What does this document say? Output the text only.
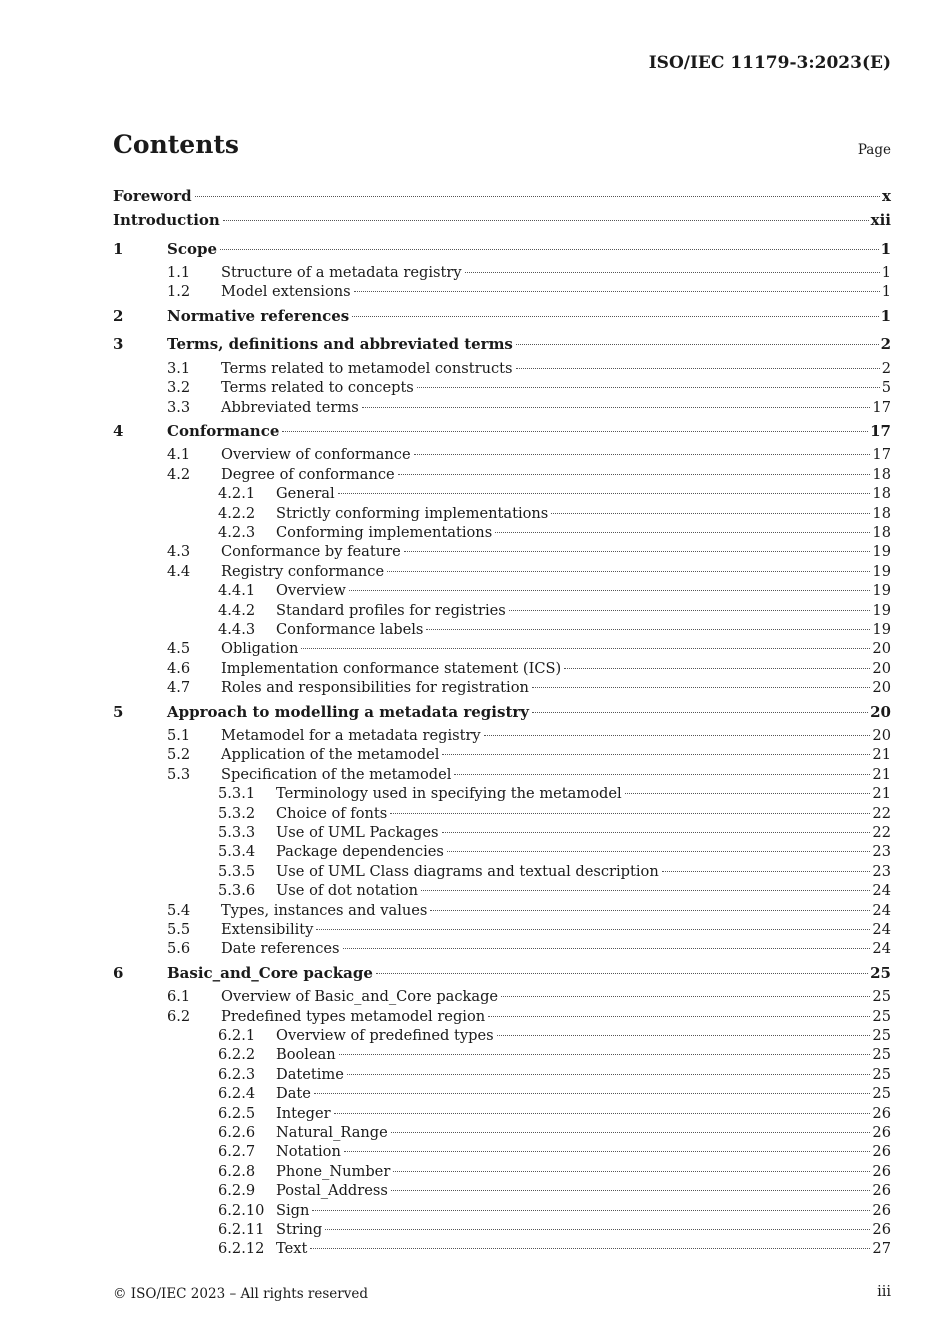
ISO/IEC 11179-3:2023(E)
Contents	Page
Foreword	x
Introduction	xii
1	Scope	1
1.1	Structure of a metadata registry	1
1.2	Model extensions	1
2	Normative references	1
3	Terms, definitions and abbreviated terms	2
3.1	Terms related to metamodel constructs	2
3.2	Terms related to concepts	5
3.3	Abbreviated terms	17
4	Conformance	17
4.1	Overview of conformance	17
4.2	Degree of conformance	18
4.2.1	General	18
4.2.2	Strictly conforming implementations	18
4.2.3	Conforming implementations	18
4.3	Conformance by feature	19
4.4	Registry conformance	19
4.4.1	Overview	19
4.4.2	Standard profiles for registries	19
4.4.3	Conformance labels	19
4.5	Obligation	20
4.6	Implementation conformance statement (ICS)	20
4.7	Roles and responsibilities for registration	20
5	Approach to modelling a metadata registry	20
5.1	Metamodel for a metadata registry	20
5.2	Application of the metamodel	21
5.3	Specification of the metamodel	21
5.3.1	Terminology used in specifying the metamodel	21
5.3.2	Choice of fonts	22
5.3.3	Use of UML Packages	22
5.3.4	Package dependencies	23
5.3.5	Use of UML Class diagrams and textual description	23
5.3.6	Use of dot notation	24
5.4	Types, instances and values	24
5.5	Extensibility	24
5.6	Date references	24
6	Basic_and_Core package	25
6.1	Overview of Basic_and_Core package	25
6.2	Predefined types metamodel region	25
6.2.1	Overview of predefined types	25
6.2.2	Boolean	25
6.2.3	Datetime	25
6.2.4	Date	25
6.2.5	Integer	26
6.2.6	Natural_Range	26
6.2.7	Notation	26
6.2.8	Phone_Number	26
6.2.9	Postal_Address	26
6.2.10 Sign	26
6.2.11 String	26
6.2.12 Text	27
© ISO/IEC 2023 – All rights reserved	iii
